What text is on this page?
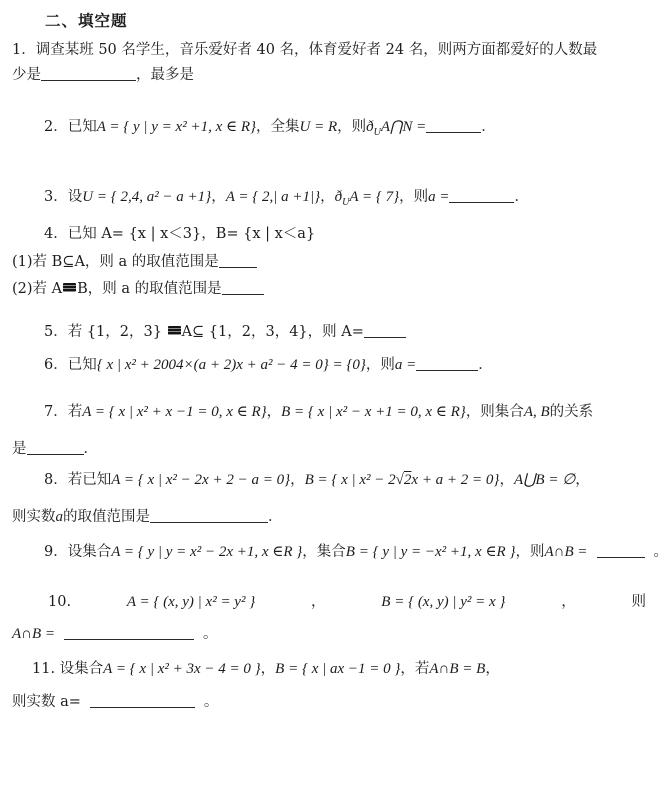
二、填空题
1．调查某班 50 名学生，音乐爱好者 40 名，体育爱好者 24 名，则两方面都爱好的人数最
少是	，最多是
2．已知A = { y | y = x² +1, x ∈ R}，全集U = R，则$ð_UA⋂N$ =	．
3．设U = { 2,4, a² − a +1}，A = { 2,| a +1|}，$ð_UA$ = { 7}，则a =	．
4．已知 A= {x | x＜3}，B= {x | x＜a}
(1)若 B⊆A，则 a 的取值范围是
(2)若 A B，则 a 的取值范围是
5．若 {1，2，3} A⊆ {1，2，3，4}，则 A=
6．已知{ x | x² + 2004×(a + 2)x + a² − 4 = 0} = {0}，则a =	．
7．若A = { x | x² + x −1 = 0, x ∈ R}，B = { x | x² − x +1 = 0, x ∈ R}，则集合A, B的关系
是	．
8．若已知A = { x | x² − 2x + 2 − a = 0}，B = { x | x² − 2√2x + a + 2 = 0}，A⋃B = ∅，
则实数a的取值范围是	．
9．设集合A = { y | y = x² − 2x +1, x ∈R }，集合B = { y | y = −x² +1, x ∈R }，则A∩B =	。
10.	A = { (x, y) | x² = y² }	，	B = { (x, y) | y² = x }	，	则
A∩B =	。
11. 设集合A = { x | x² + 3x − 4 = 0 }，B = { x | ax −1 = 0 }，若A∩B = B，
则实数 a=	。
